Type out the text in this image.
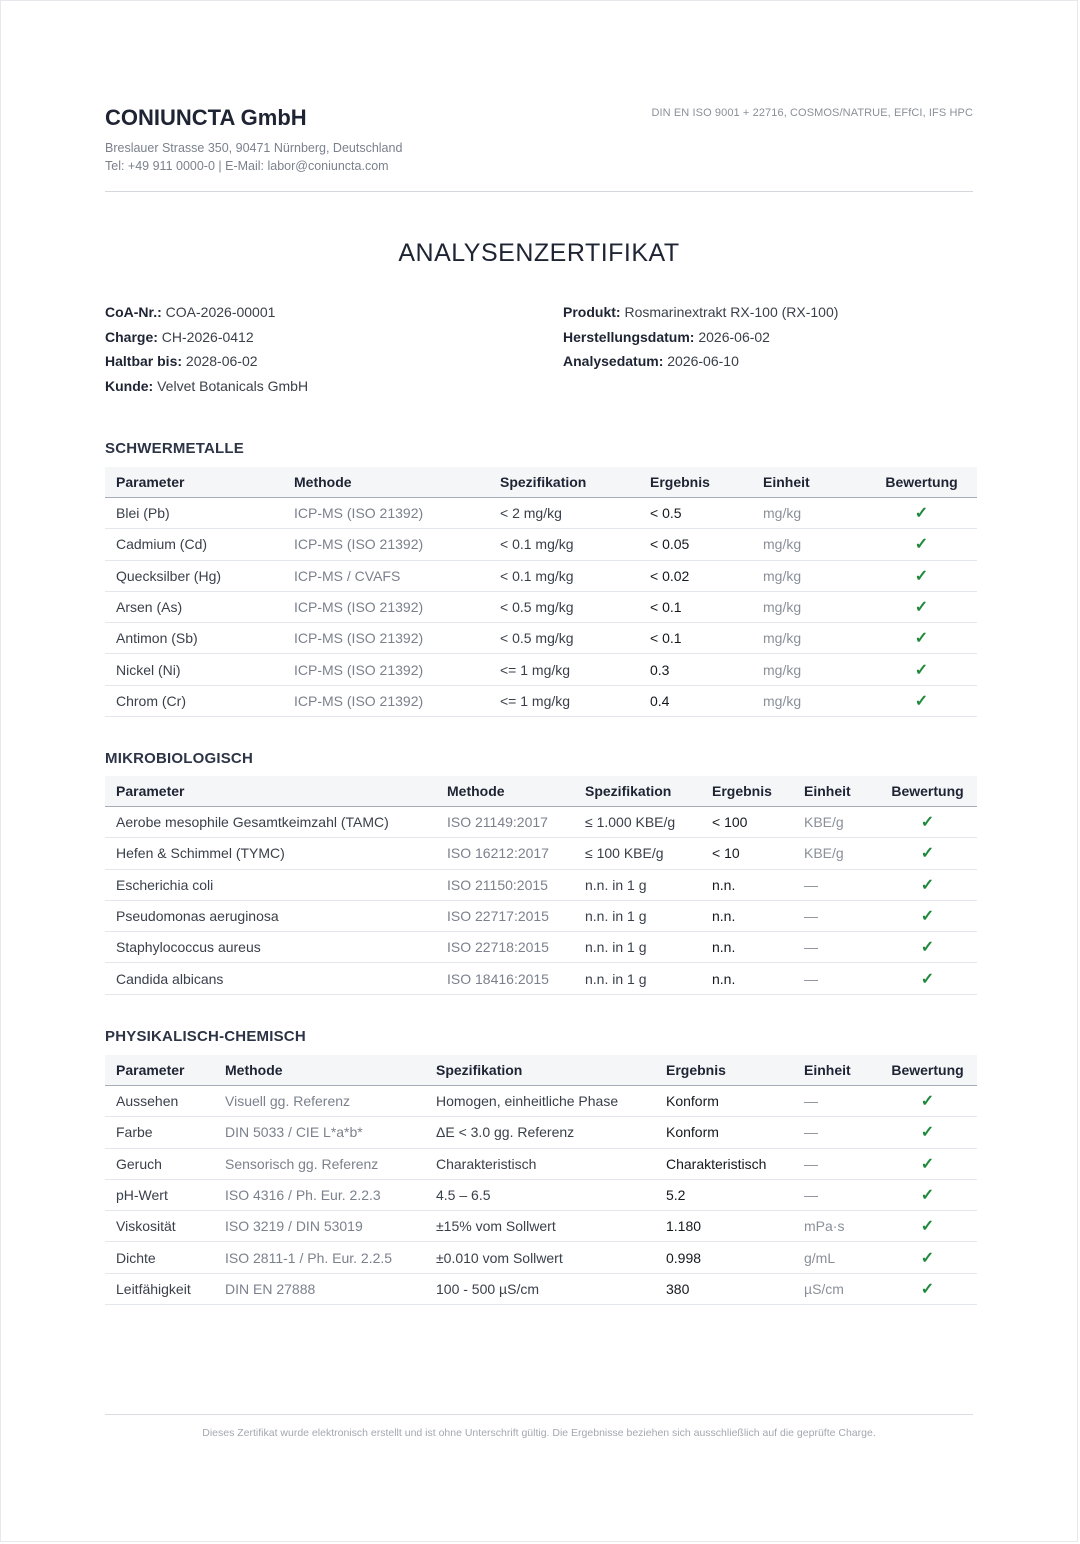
CONIUNCTA GmbH
Breslauer Strasse 350, 90471 Nürnberg, Deutschland
Tel: +49 911 0000-0 | E-Mail: labor@coniuncta.com
DIN EN ISO 9001 + 22716, COSMOS/NATRUE, EFfCI, IFS HPC
ANALYSENZERTIFIKAT
CoA-Nr.: COA-2026-00001
Charge: CH-2026-0412
Haltbar bis: 2028-06-02
Kunde: Velvet Botanicals GmbH
Produkt: Rosmarinextrakt RX-100 (RX-100)
Herstellungsdatum: 2026-06-02
Analysedatum: 2026-06-10
SCHWERMETALLE
Parameter	Methode	Spezifikation	Ergebnis	Einheit	Bewertung
Blei (Pb)	ICP-MS (ISO 21392)	< 2 mg/kg	< 0.5	mg/kg	✓
Cadmium (Cd)	ICP-MS (ISO 21392)	< 0.1 mg/kg	< 0.05	mg/kg	✓
Quecksilber (Hg)	ICP-MS / CVAFS	< 0.1 mg/kg	< 0.02	mg/kg	✓
Arsen (As)	ICP-MS (ISO 21392)	< 0.5 mg/kg	< 0.1	mg/kg	✓
Antimon (Sb)	ICP-MS (ISO 21392)	< 0.5 mg/kg	< 0.1	mg/kg	✓
Nickel (Ni)	ICP-MS (ISO 21392)	<= 1 mg/kg	0.3	mg/kg	✓
Chrom (Cr)	ICP-MS (ISO 21392)	<= 1 mg/kg	0.4	mg/kg	✓
MIKROBIOLOGISCH
Parameter	Methode	Spezifikation	Ergebnis	Einheit	Bewertung
Aerobe mesophile Gesamtkeimzahl (TAMC)	ISO 21149:2017	≤ 1.000 KBE/g	< 100	KBE/g	✓
Hefen & Schimmel (TYMC)	ISO 16212:2017	≤ 100 KBE/g	< 10	KBE/g	✓
Escherichia coli	ISO 21150:2015	n.n. in 1 g	n.n.	—	✓
Pseudomonas aeruginosa	ISO 22717:2015	n.n. in 1 g	n.n.	—	✓
Staphylococcus aureus	ISO 22718:2015	n.n. in 1 g	n.n.	—	✓
Candida albicans	ISO 18416:2015	n.n. in 1 g	n.n.	—	✓
PHYSIKALISCH-CHEMISCH
Parameter	Methode	Spezifikation	Ergebnis	Einheit	Bewertung
Aussehen	Visuell gg. Referenz	Homogen, einheitliche Phase	Konform	—	✓
Farbe	DIN 5033 / CIE L*a*b*	ΔE < 3.0 gg. Referenz	Konform	—	✓
Geruch	Sensorisch gg. Referenz	Charakteristisch	Charakteristisch	—	✓
pH-Wert	ISO 4316 / Ph. Eur. 2.2.3	4.5 – 6.5	5.2	—	✓
Viskosität	ISO 3219 / DIN 53019	±15% vom Sollwert	1.180	mPa·s	✓
Dichte	ISO 2811-1 / Ph. Eur. 2.2.5	±0.010 vom Sollwert	0.998	g/mL	✓
Leitfähigkeit	DIN EN 27888	100 - 500 µS/cm	380	µS/cm	✓
Dieses Zertifikat wurde elektronisch erstellt und ist ohne Unterschrift gültig. Die Ergebnisse beziehen sich ausschließlich auf die geprüfte Charge.
